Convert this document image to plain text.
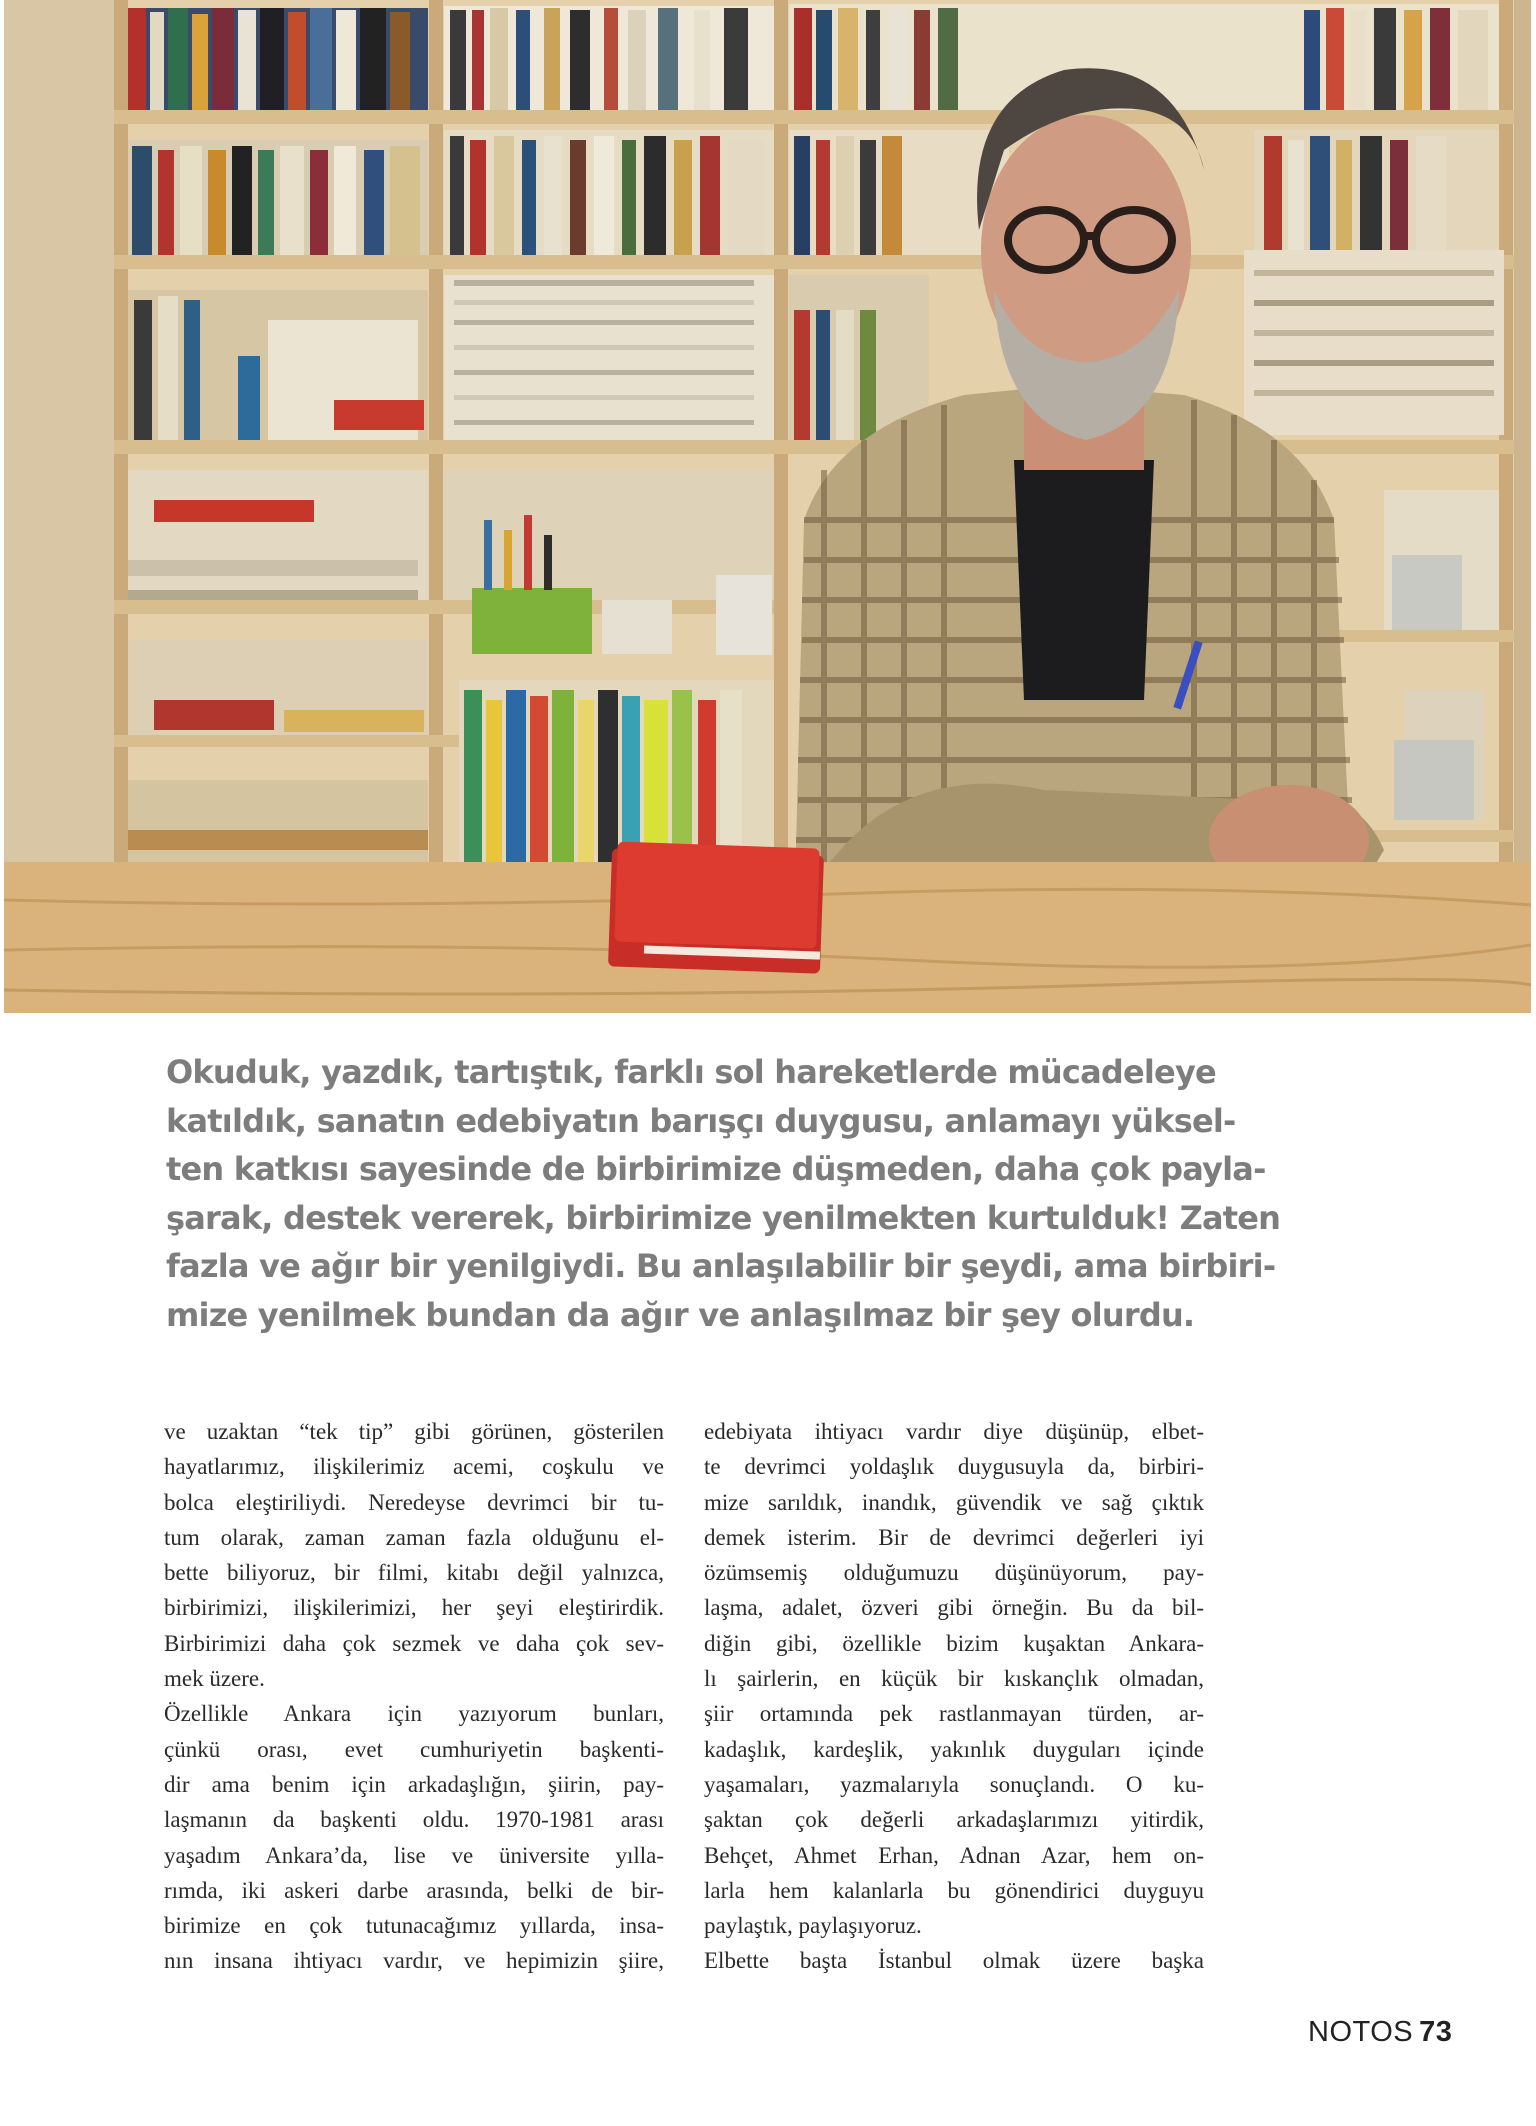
Okuduk, yazdık, tartıştık, farklı sol hareketlerde mücadeleye
katıldık, sanatın edebiyatın barışçı duygusu, anlamayı yüksel-
ten katkısı sayesinde de birbirimize düşmeden, daha çok payla-
şarak, destek vererek, birbirimize yenilmekten kurtulduk! Zaten
fazla ve ağır bir yenilgiydi. Bu anlaşılabilir bir şeydi, ama birbiri-
mize yenilmek bundan da ağır ve anlaşılmaz bir şey olurdu.

ve uzaktan “tek tip” gibi görünen, gösterilen
hayatlarımız, ilişkilerimiz acemi, coşkulu ve
bolca eleştiriliydi. Neredeyse devrimci bir tu-
tum olarak, zaman zaman fazla olduğunu el-
bette biliyoruz, bir filmi, kitabı değil yalnızca,
birbirimizi, ilişkilerimizi, her şeyi eleştirirdik.
Birbirimizi daha çok sezmek ve daha çok sev-
mek üzere.

Özellikle Ankara için yazıyorum bunları,
çünkü orası, evet cumhuriyetin başkenti-
dir ama benim için arkadaşlığın, şiirin, pay-
laşmanın da başkenti oldu. 1970-1981 arası
yaşadım Ankara’da, lise ve üniversite yılla-
rımda, iki askeri darbe arasında, belki de bir-
birimize en çok tutunacağımız yıllarda, insa-
nın insana ihtiyacı vardır, ve hepimizin şiire,

edebiyata ihtiyacı vardır diye düşünüp, elbet-
te devrimci yoldaşlık duygusuyla da, birbiri-
mize sarıldık, inandık, güvendik ve sağ çıktık
demek isterim. Bir de devrimci değerleri iyi
özümsemiş olduğumuzu düşünüyorum, pay-
laşma, adalet, özveri gibi örneğin. Bu da bil-
diğin gibi, özellikle bizim kuşaktan Ankara-
lı şairlerin, en küçük bir kıskançlık olmadan,
şiir ortamında pek rastlanmayan türden, ar-
kadaşlık, kardeşlik, yakınlık duyguları içinde
yaşamaları, yazmalarıyla sonuçlandı. O ku-
şaktan çok değerli arkadaşlarımızı yitirdik,
Behçet, Ahmet Erhan, Adnan Azar, hem on-
larla hem kalanlarla bu gönendirici duyguyu
paylaştık, paylaşıyoruz.

Elbette başta İstanbul olmak üzere başka

NOTOS 73
